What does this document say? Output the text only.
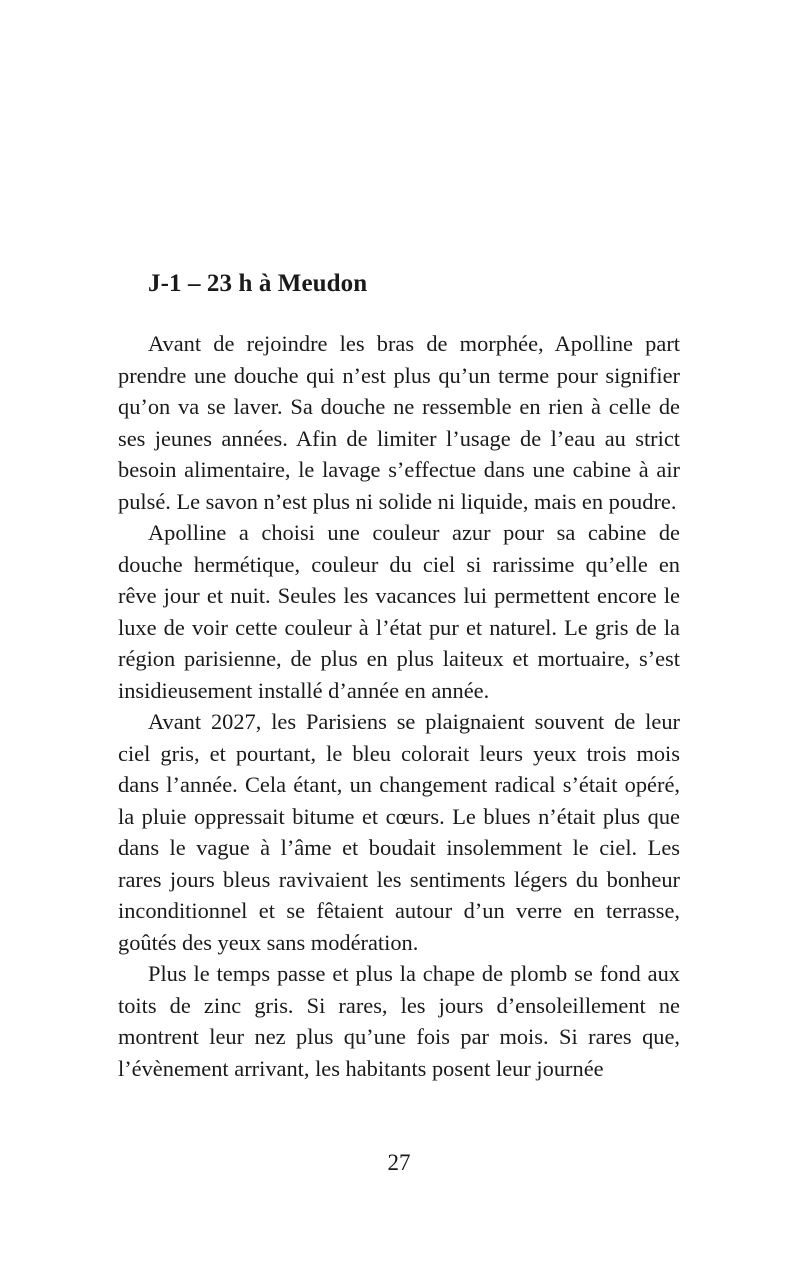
J-1 – 23 h à Meudon

Avant de rejoindre les bras de morphée, Apolline part prendre une douche qui n’est plus qu’un terme pour signifier qu’on va se laver. Sa douche ne ressemble en rien à celle de ses jeunes années. Afin de limiter l’usage de l’eau au strict besoin alimentaire, le lavage s’effectue dans une cabine à air pulsé. Le savon n’est plus ni solide ni liquide, mais en poudre.

Apolline a choisi une couleur azur pour sa cabine de douche hermétique, couleur du ciel si rarissime qu’elle en rêve jour et nuit. Seules les vacances lui permettent encore le luxe de voir cette couleur à l’état pur et naturel. Le gris de la région parisienne, de plus en plus laiteux et mortuaire, s’est insidieusement installé d’année en année.

Avant 2027, les Parisiens se plaignaient souvent de leur ciel gris, et pourtant, le bleu colorait leurs yeux trois mois dans l’année. Cela étant, un changement radical s’était opéré, la pluie oppressait bitume et cœurs. Le blues n’était plus que dans le vague à l’âme et boudait insolemment le ciel. Les rares jours bleus ravivaient les sentiments légers du bonheur inconditionnel et se fêtaient autour d’un verre en terrasse, goûtés des yeux sans modération.

Plus le temps passe et plus la chape de plomb se fond aux toits de zinc gris. Si rares, les jours d’ensoleillement ne montrent leur nez plus qu’une fois par mois. Si rares que, l’évènement arrivant, les habitants posent leur journée

27
